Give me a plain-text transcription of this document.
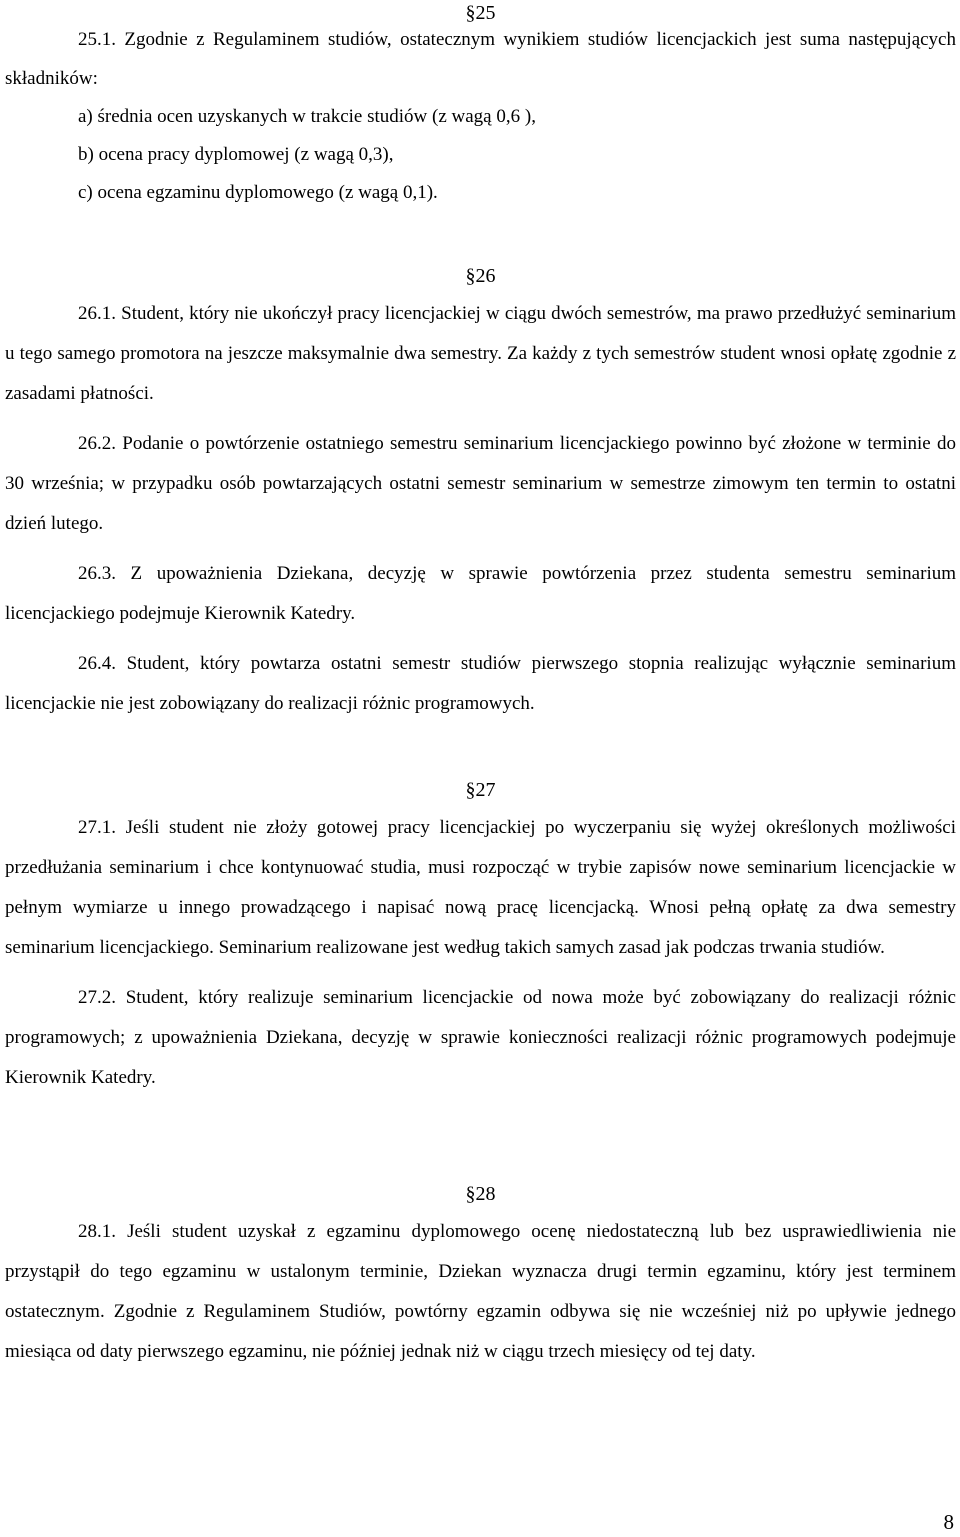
§25

25.1. Zgodnie z Regulaminem studiów, ostatecznym wynikiem studiów licencjackich jest suma następujących składników:

a) średnia ocen uzyskanych w trakcie studiów (z wagą 0,6 ),
b) ocena pracy dyplomowej (z wagą 0,3),
c) ocena egzaminu dyplomowego (z wagą 0,1).
§26

26.1. Student, który nie ukończył pracy licencjackiej w ciągu dwóch semestrów, ma prawo przedłużyć seminarium u tego samego promotora na jeszcze maksymalnie dwa semestry. Za każdy z tych semestrów student wnosi opłatę zgodnie z zasadami płatności.

26.2. Podanie o powtórzenie ostatniego semestru seminarium licencjackiego powinno być złożone w terminie do 30 września; w przypadku osób powtarzających ostatni semestr seminarium w semestrze zimowym ten termin to ostatni dzień lutego.

26.3. Z upoważnienia Dziekana, decyzję w sprawie powtórzenia przez studenta semestru seminarium licencjackiego podejmuje Kierownik Katedry.

26.4. Student, który powtarza ostatni semestr studiów pierwszego stopnia realizując wyłącznie seminarium licencjackie nie jest zobowiązany do realizacji różnic programowych.

§27

27.1. Jeśli student nie złoży gotowej pracy licencjackiej po wyczerpaniu się wyżej określonych możliwości przedłużania seminarium i chce kontynuować studia, musi rozpocząć w trybie zapisów nowe seminarium licencjackie w pełnym wymiarze u innego prowadzącego i napisać nową pracę licencjacką. Wnosi pełną opłatę za dwa semestry seminarium licencjackiego. Seminarium realizowane jest według takich samych zasad jak podczas trwania studiów.

27.2. Student, który realizuje seminarium licencjackie od nowa może być zobowiązany do realizacji różnic programowych; z upoważnienia Dziekana, decyzję w sprawie konieczności realizacji różnic programowych podejmuje Kierownik Katedry.

§28

28.1. Jeśli student uzyskał z egzaminu dyplomowego ocenę niedostateczną lub bez usprawiedliwienia nie przystąpił do tego egzaminu w ustalonym terminie, Dziekan wyznacza drugi termin egzaminu, który jest terminem ostatecznym. Zgodnie z Regulaminem Studiów, powtórny egzamin odbywa się nie wcześniej niż po upływie jednego miesiąca od daty pierwszego egzaminu, nie później jednak niż w ciągu trzech miesięcy od tej daty.

8
